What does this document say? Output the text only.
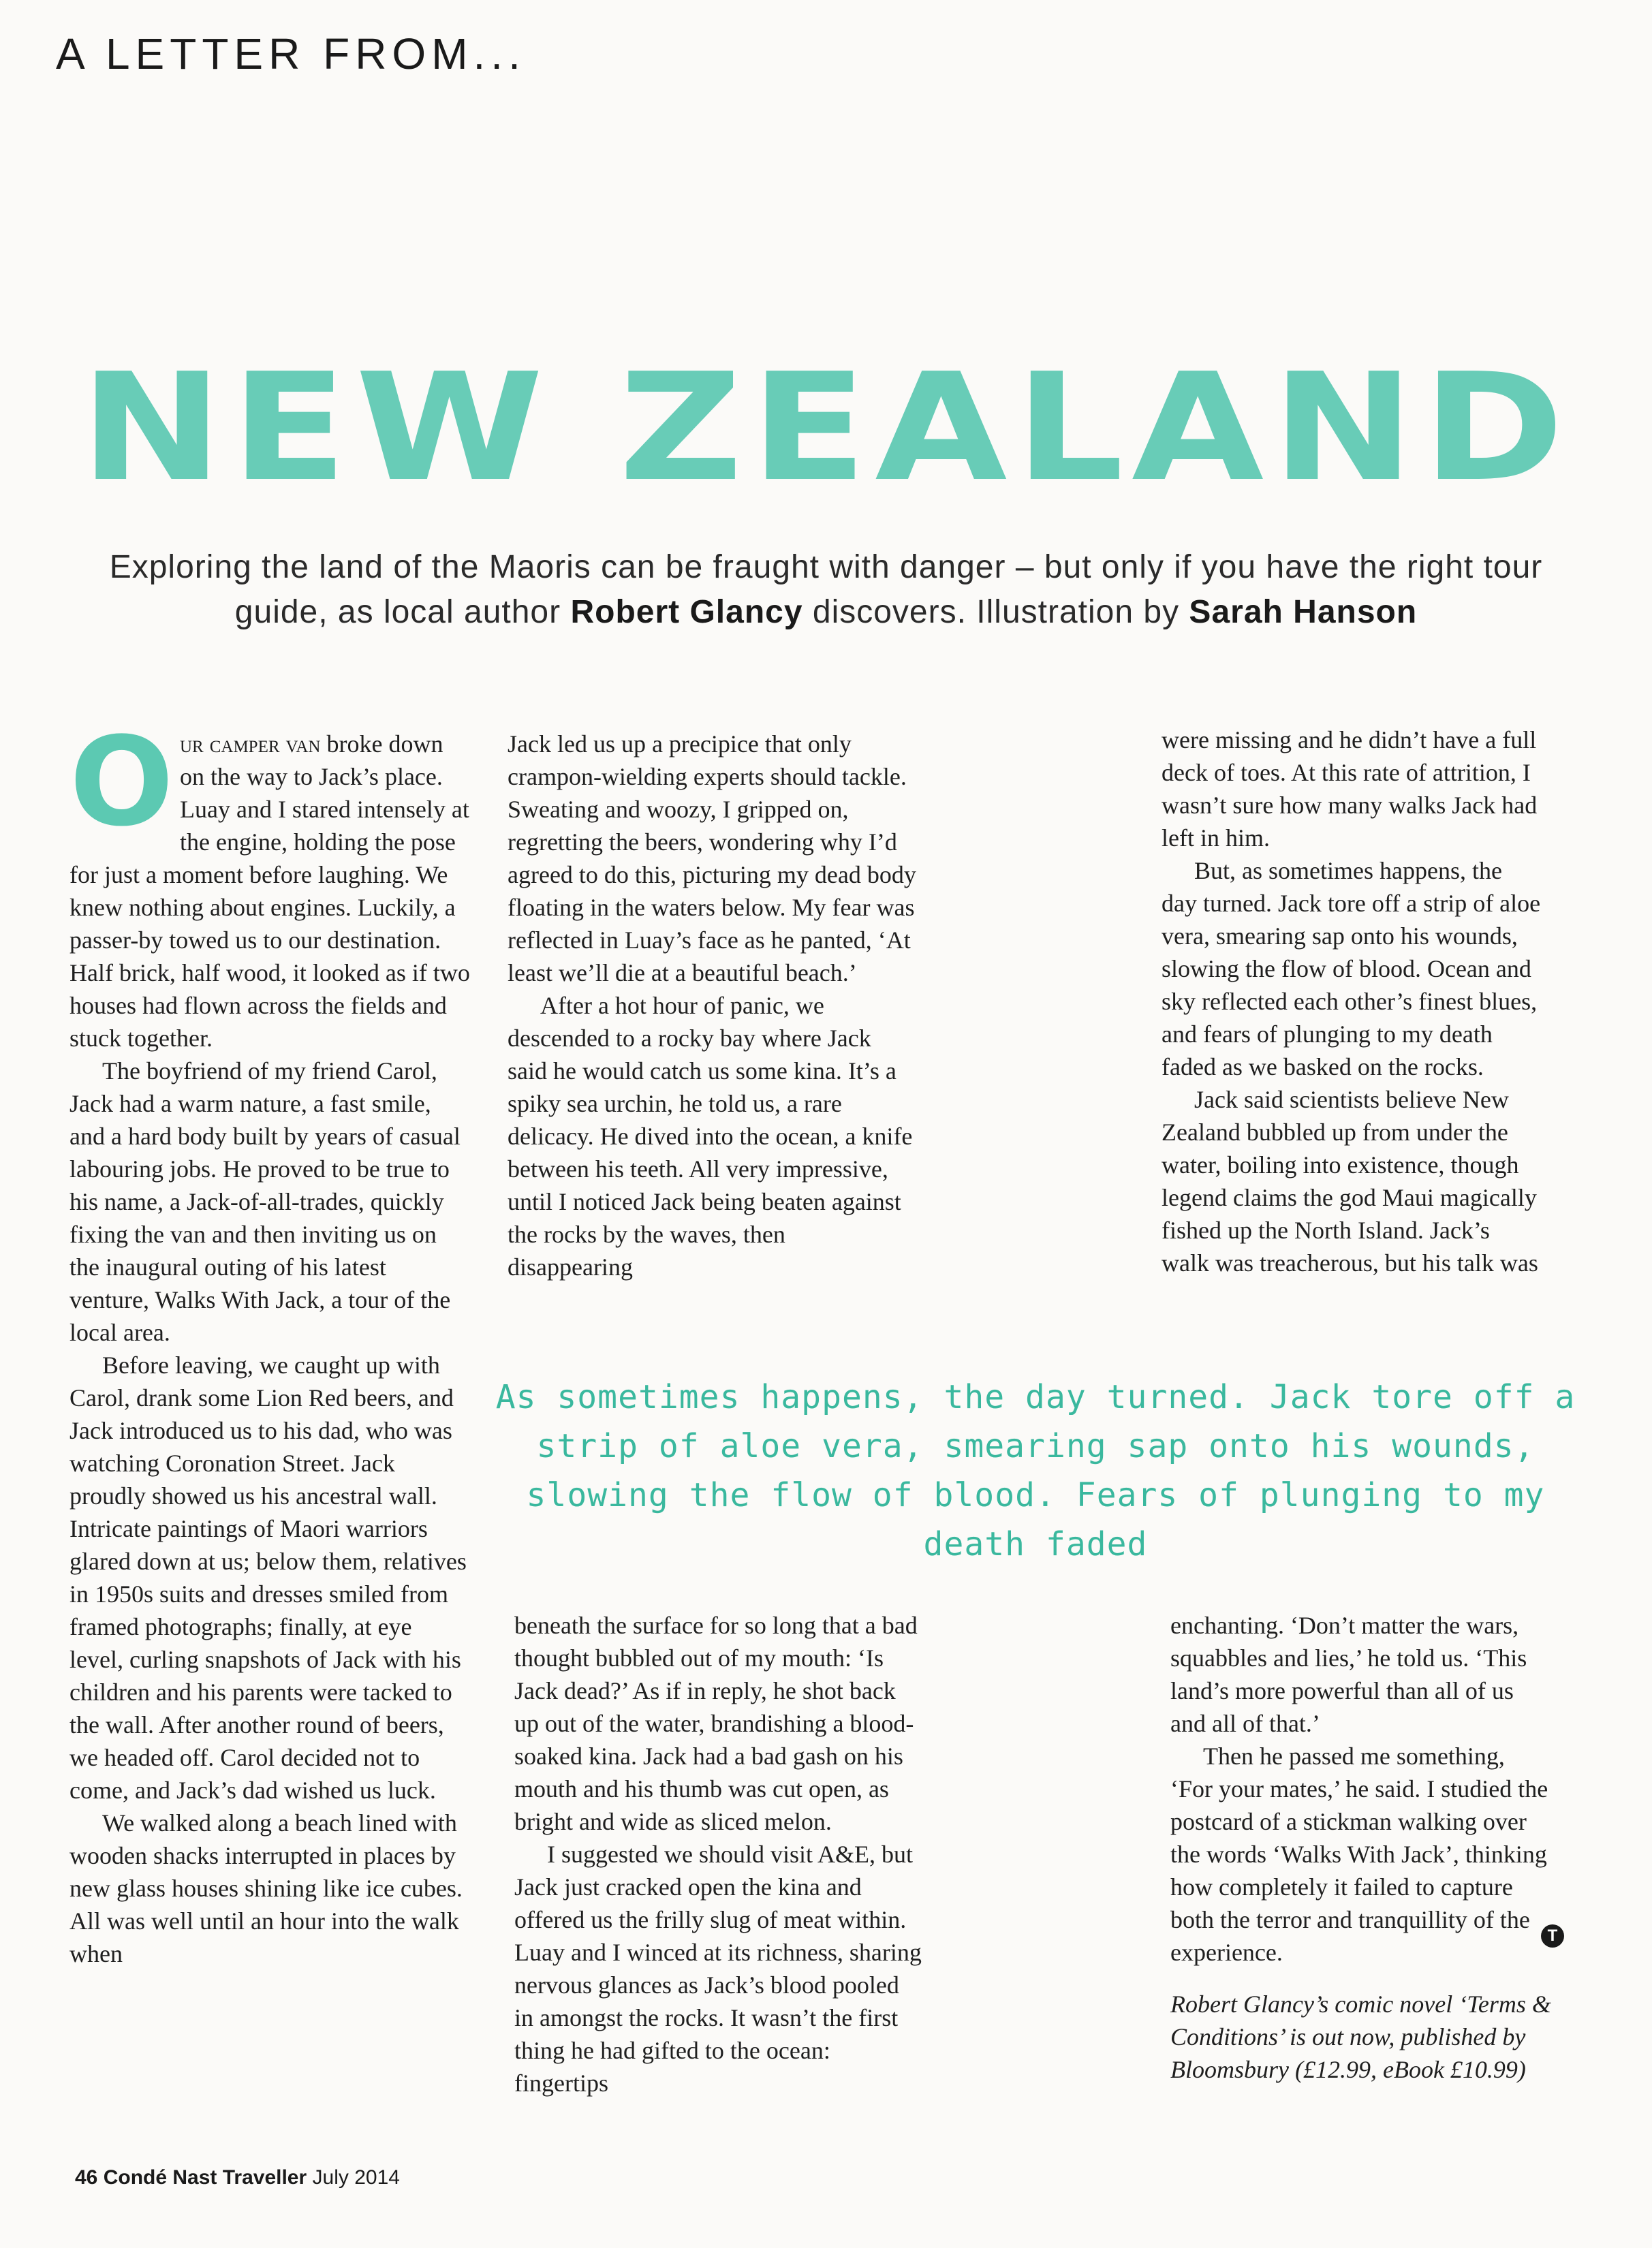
A LETTER FROM...
NEW ZEALAND

Exploring the land of the Maoris can be fraught with danger – but only if you have the right tour guide, as local author Robert Glancy discovers. Illustration by Sarah Hanson

Our camper van broke down on the way to Jack’s place. Luay and I stared intensely at the engine, holding the pose for just a moment before laughing. We knew nothing about engines. Luckily, a passer-by towed us to our destination. Half brick, half wood, it looked as if two houses had flown across the fields and stuck together.

The boyfriend of my friend Carol, Jack had a warm nature, a fast smile, and a hard body built by years of casual labouring jobs. He proved to be true to his name, a Jack-of-all-trades, quickly fixing the van and then inviting us on the inaugural outing of his latest venture, Walks With Jack, a tour of the local area.

Before leaving, we caught up with Carol, drank some Lion Red beers, and Jack introduced us to his dad, who was watching Coronation Street. Jack proudly showed us his ancestral wall. Intricate paintings of Maori warriors glared down at us; below them, relatives in 1950s suits and dresses smiled from framed photographs; finally, at eye level, curling snapshots of Jack with his children and his parents were tacked to the wall. After another round of beers, we headed off. Carol decided not to come, and Jack’s dad wished us luck.

We walked along a beach lined with wooden shacks interrupted in places by new glass houses shining like ice cubes. All was well until an hour into the walk when

Jack led us up a precipice that only crampon-wielding experts should tackle. Sweating and woozy, I gripped on, regretting the beers, wondering why I’d agreed to do this, picturing my dead body floating in the waters below. My fear was reflected in Luay’s face as he panted, ‘At least we’ll die at a beautiful beach.’

After a hot hour of panic, we descended to a rocky bay where Jack said he would catch us some kina. It’s a spiky sea urchin, he told us, a rare delicacy. He dived into the ocean, a knife between his teeth. All very impressive, until I noticed Jack being beaten against the rocks by the waves, then disappearing

were missing and he didn’t have a full deck of toes. At this rate of attrition, I wasn’t sure how many walks Jack had left in him.

But, as sometimes happens, the day turned. Jack tore off a strip of aloe vera, smearing sap onto his wounds, slowing the flow of blood. Ocean and sky reflected each other’s finest blues, and fears of plunging to my death faded as we basked on the rocks.

Jack said scientists believe New Zealand bubbled up from under the water, boiling into existence, though legend claims the god Maui magically fished up the North Island. Jack’s walk was treacherous, but his talk was

As sometimes happens, the day turned. Jack tore off a strip of aloe vera, smearing sap onto his wounds, slowing the flow of blood. Fears of plunging to my death faded

beneath the surface for so long that a bad thought bubbled out of my mouth: ‘Is Jack dead?’ As if in reply, he shot back up out of the water, brandishing a blood-soaked kina. Jack had a bad gash on his mouth and his thumb was cut open, as bright and wide as sliced melon.

I suggested we should visit A&E, but Jack just cracked open the kina and offered us the frilly slug of meat within. Luay and I winced at its richness, sharing nervous glances as Jack’s blood pooled in amongst the rocks. It wasn’t the first thing he had gifted to the ocean: fingertips

enchanting. ‘Don’t matter the wars, squabbles and lies,’ he told us. ‘This land’s more powerful than all of us and all of that.’

Then he passed me something, ‘For your mates,’ he said. I studied the postcard of a stickman walking over the words ‘Walks With Jack’, thinking how completely it failed to capture both the terror and tranquillity of the experience.

T

Robert Glancy’s comic novel ‘Terms & Conditions’ is out now, published by Bloomsbury (£12.99, eBook £10.99)

46 Condé Nast Traveller July 2014
